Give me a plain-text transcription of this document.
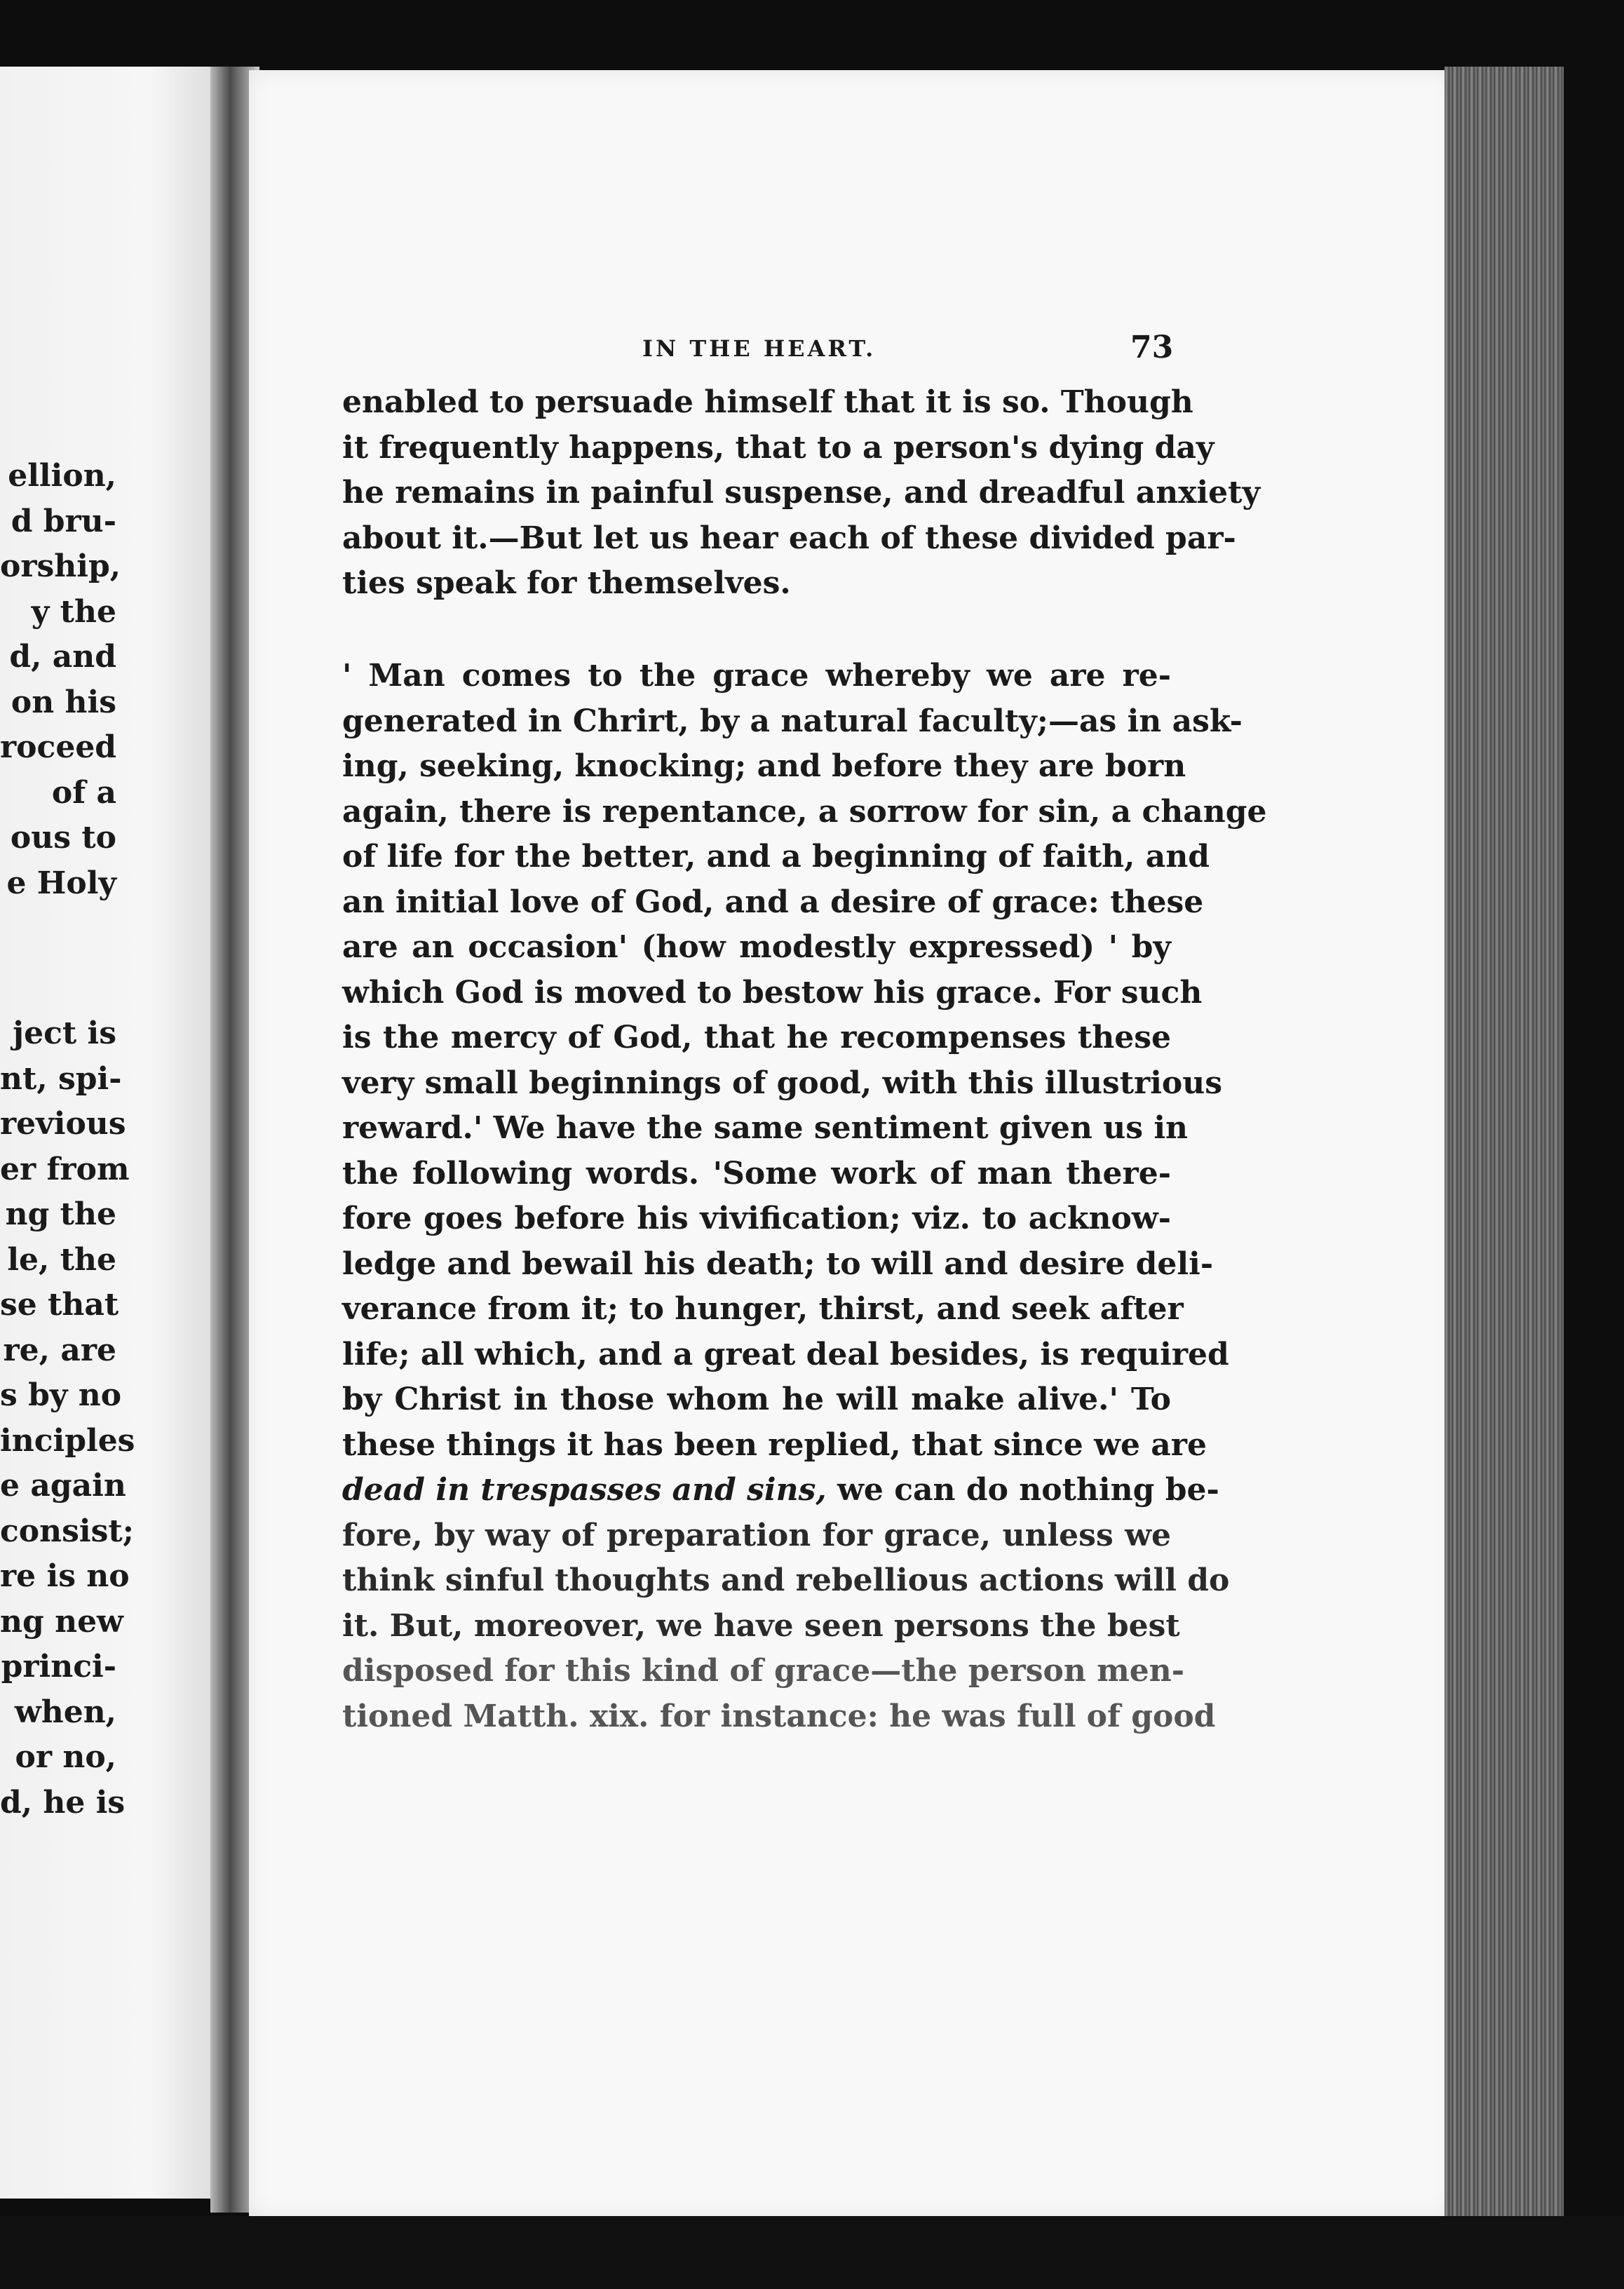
ellion,
d bru-
orship,
y the
d, and
on his
roceed
of a
ous to
e Holy
ject is
nt, spi-
revious
er from
ng the
le, the
se that
re, are
s by no
inciples
e again
consist;
re is no
ng new
princi-
when,
or no,
d, he is
IN THE HEART.	73
enabled to persuade himself that it is so. Though
it frequently happens, that to a person's dying day
he remains in painful suspense, and dreadful anxiety
about it.—But let us hear each of these divided par-
ties speak for themselves.
' Man comes to the grace whereby we are re-
generated in Chrirt, by a natural faculty;—as in ask-
ing, seeking, knocking; and before they are born
again, there is repentance, a sorrow for sin, a change
of life for the better, and a beginning of faith, and
an initial love of God, and a desire of grace: these
are an occasion' (how modestly expressed) ' by
which God is moved to bestow his grace. For such
is the mercy of God, that he recompenses these
very small beginnings of good, with this illustrious
reward.' We have the same sentiment given us in
the following words. 'Some work of man there-
fore goes before his vivification; viz. to acknow-
ledge and bewail his death; to will and desire deli-
verance from it; to hunger, thirst, and seek after
life; all which, and a great deal besides, is required
by Christ in those whom he will make alive.' To
these things it has been replied, that since we are
dead in trespasses and sins, we can do nothing be-
fore, by way of preparation for grace, unless we
think sinful thoughts and rebellious actions will do
it. But, moreover, we have seen persons the best
disposed for this kind of grace—the person men-
tioned Matth. xix. for instance: he was full of good
